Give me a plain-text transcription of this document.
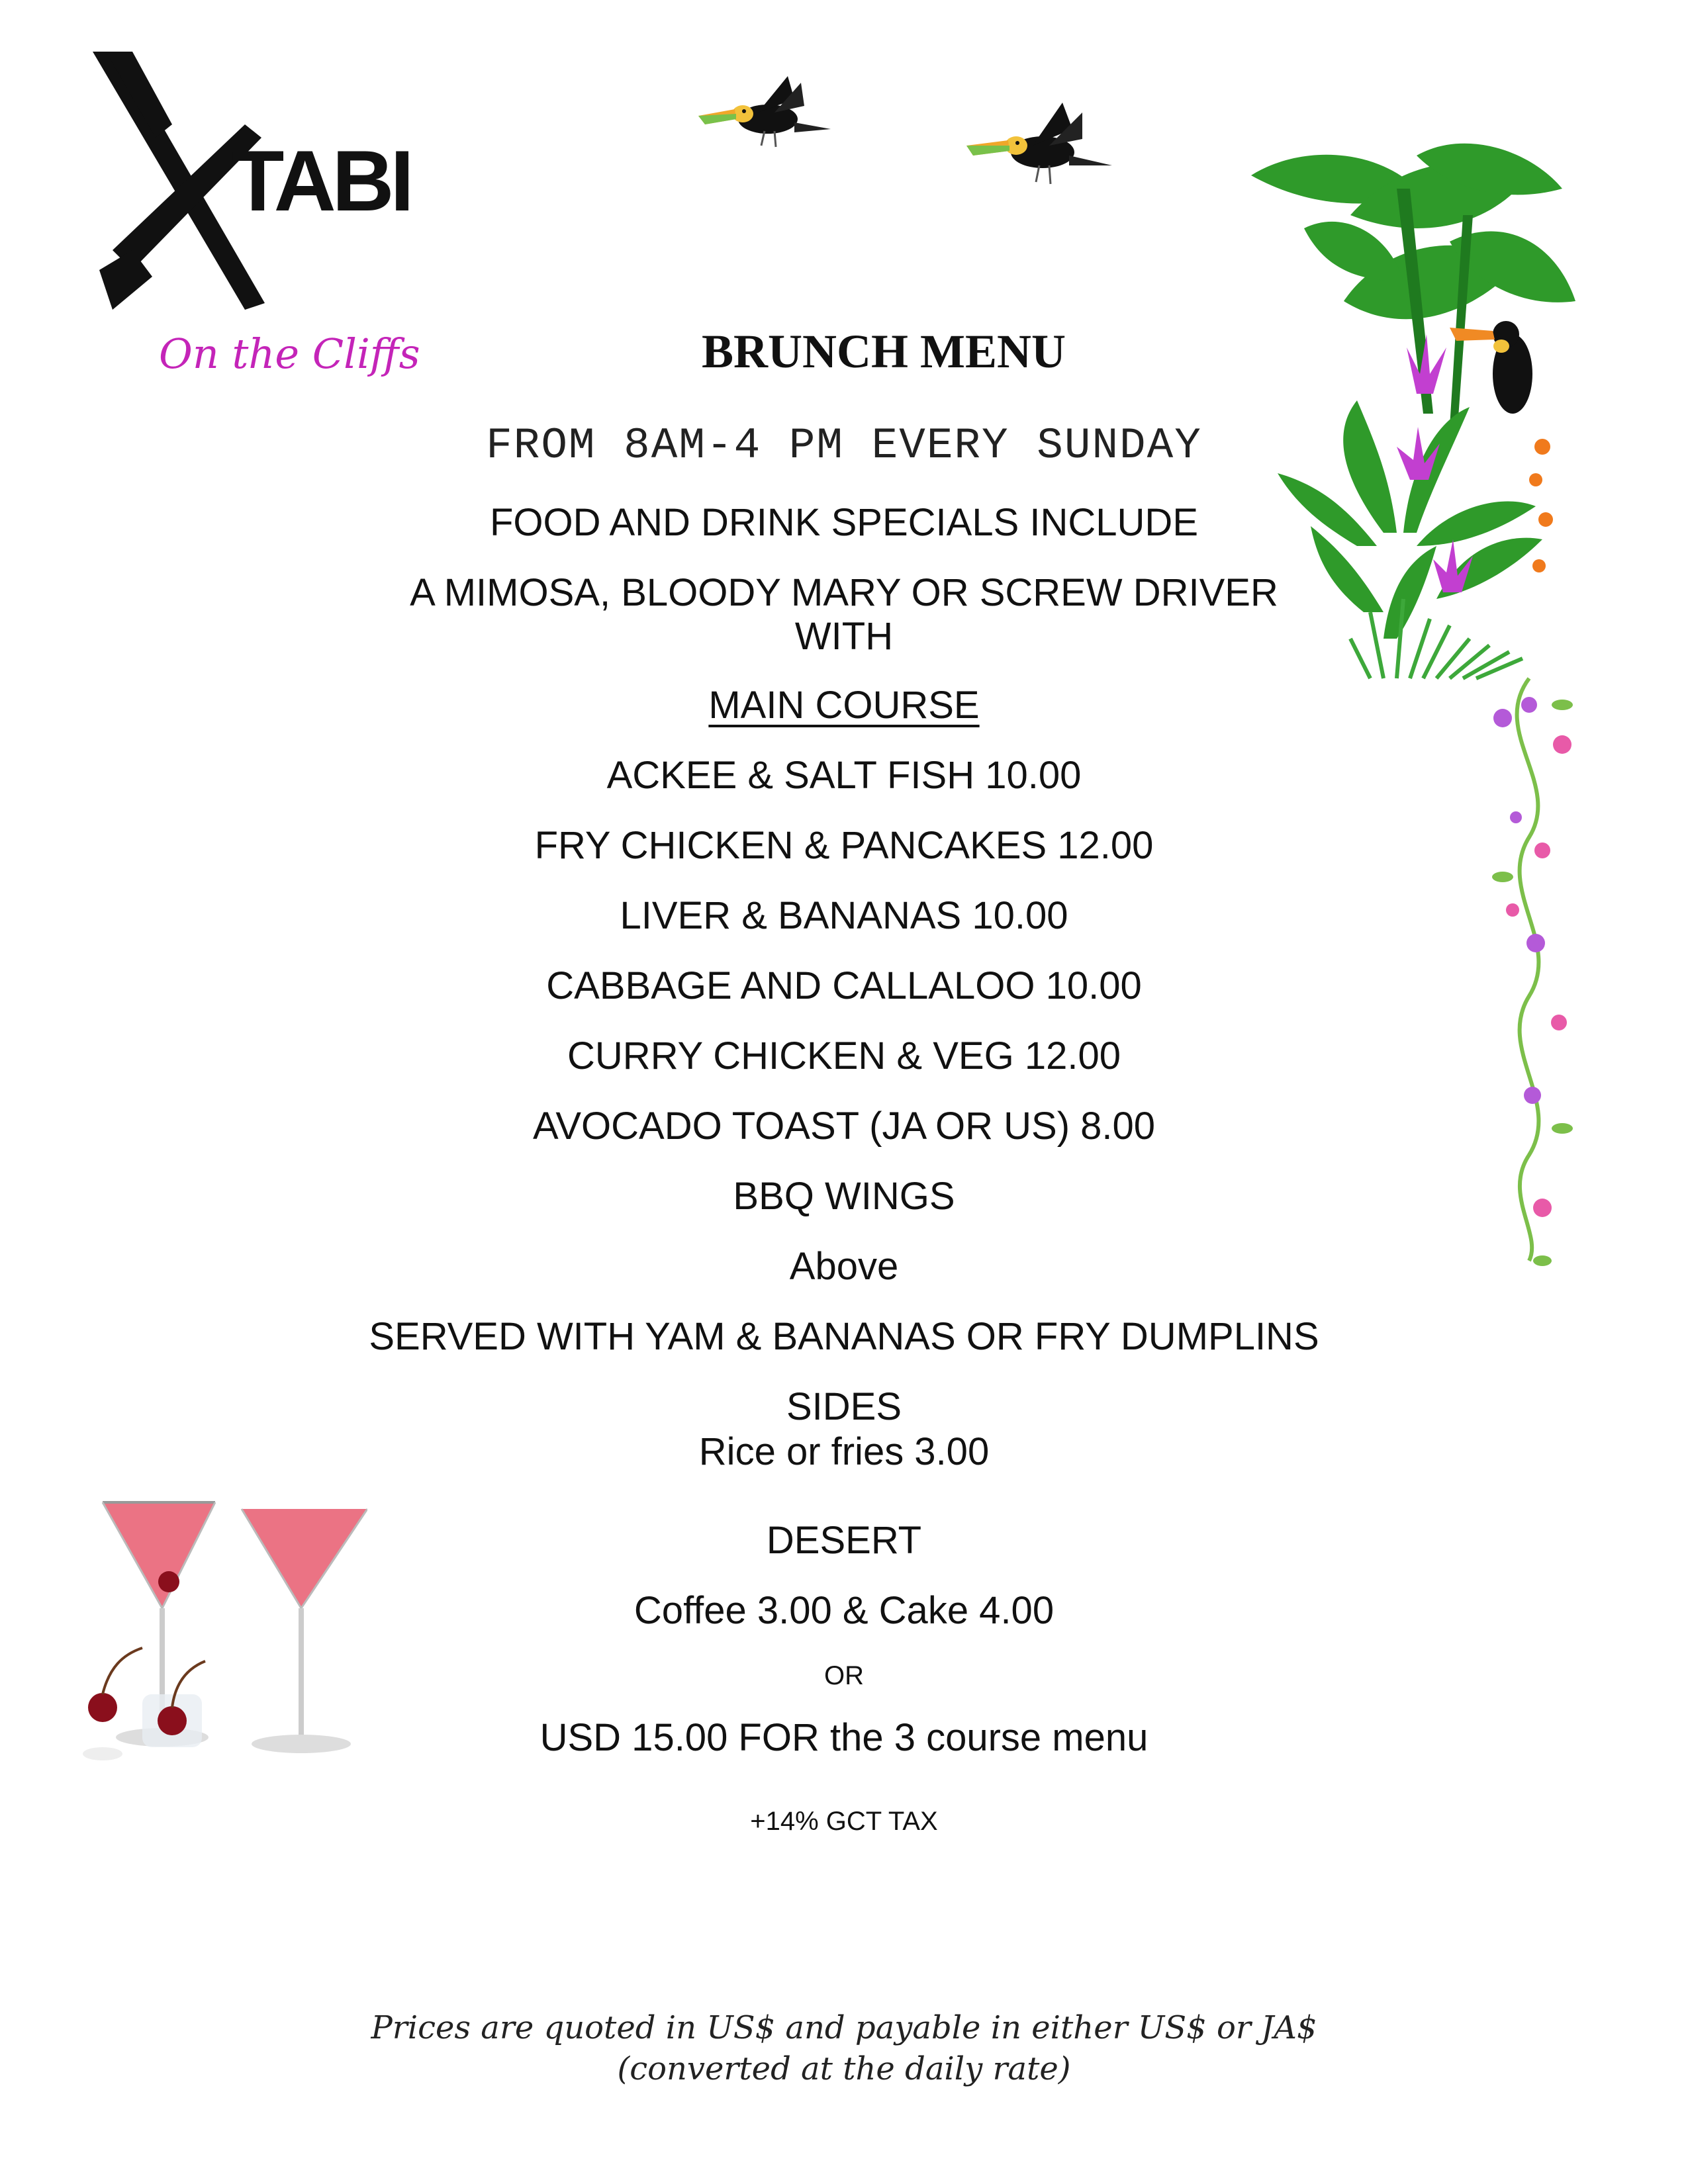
TABI
On the Cliffs	BRUNCH MENU
FROM 8AM-4 PM EVERY SUNDAY
FOOD AND DRINK SPECIALS INCLUDE
A MIMOSA, BLOODY MARY OR SCREW DRIVER
WITH
MAIN COURSE
ACKEE & SALT FISH 10.00
FRY CHICKEN & PANCAKES 12.00
LIVER & BANANAS 10.00
CABBAGE AND CALLALOO 10.00
CURRY CHICKEN & VEG 12.00
AVOCADO TOAST (JA OR US) 8.00
BBQ WINGS
Above
SERVED WITH YAM & BANANAS OR FRY DUMPLINS
SIDES
Rice or fries 3.00
DESERT
Coffee 3.00 & Cake 4.00
OR
USD 15.00 FOR the 3 course menu
+14% GCT TAX
Prices are quoted in US$ and payable in either US$ or JA$
(converted at the daily rate)
